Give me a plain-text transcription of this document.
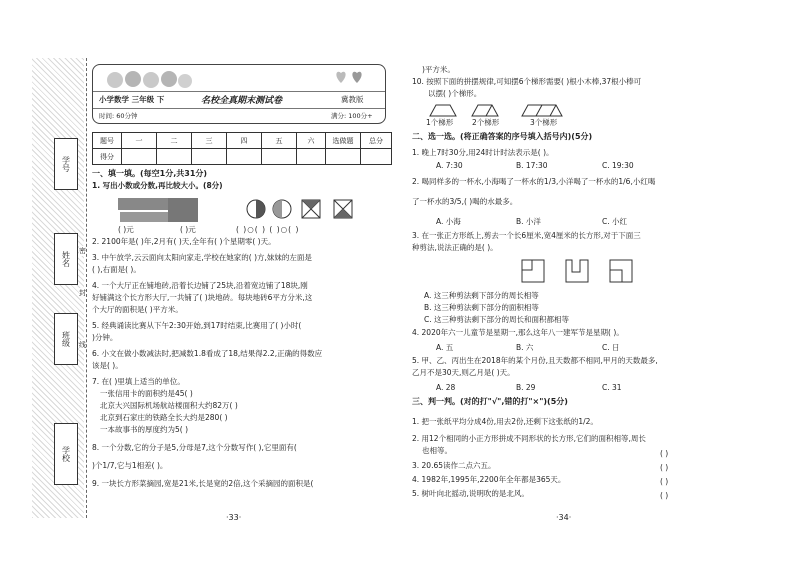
学号
姓名
班级
学校
密
封
线
小学数学 三年级 下	名校全真期末测试卷	冀教版
时间: 60分钟	满分: 100分+
题号	一	二	三	四	五	六	选做题	总分
得分								
一、填一填。(每空1分,共31分)
1. 写出小数或分数,再比较大小。(8分)
( )元	( )元	( )○( ) ( )○( )
2. 2100年是( )年,2月有( )天,全年有( )个星期零( )天。
3. 中午放学,云云面向太阳向家走,学校在她家的( )方,妹妹的左面是
( ),右面是( )。
4. 一个大厅正在铺地砖,沿着长边铺了25块,沿着宽边铺了18块,刚
好铺满这个长方形大厅,一共铺了( )块地砖。每块地砖6平方分米,这
个大厅的面积是( )平方米。
5. 经典诵读比赛从下午2:30开始,到17时结束,比赛用了( )小时(
)分钟。
6. 小文在做小数减法时,把减数1.8看成了18,结果得2.2,正确的得数应
该是( )。
7. 在( )里填上适当的单位。
一张信用卡的面积约是45( )
北京大兴国际机场航站楼面积大约82万( )
北京到石家庄的铁路全长大约是280( )
一本故事书的厚度约为5( )
8. 一个分数,它的分子是5,分母是7,这个分数写作( ),它里面有(
)个1/7,它与1相差( )。
9. 一块长方形菜摘园,宽是21米,长是宽的2倍,这个采摘园的面积是(
·33·
)平方米。
10. 按照下面的拼摆规律,可知摆6个梯形需要( )根小木棒,37根小棒可
以摆( )个梯形。
1个梯形 2个梯形	3个梯形
二、选一选。(将正确答案的序号填入括号内)(5分)
1. 晚上7时30分,用24时计时法表示是( )。
A. 7:30	B. 17:30	C. 19:30
2. 喝同样多的一杯水,小海喝了一杯水的1/3,小洋喝了一杯水的1/6,小红喝
了一杯水的3/5,( )喝的水最多。
A. 小海	B. 小洋	C. 小红
3. 在一张正方形纸上,剪去一个长6厘米,宽4厘米的长方形,对于下面三
种剪法,说法正确的是( )。
A. 这三种剪法剩下部分的周长相等
B. 这三种剪法剩下部分的面积相等
C. 这三种剪法剩下部分的周长和面积都相等
4. 2020年六一儿童节是星期一,那么这年八一建军节是星期( )。
A. 五	B. 六	C. 日
5. 甲、乙、丙出生在2018年的某个月份,且天数都不相同,甲月的天数最多,
乙月不是30天,则乙月是( )天。
A. 28	B. 29	C. 31
三、判一判。(对的打"√",错的打"×")(5分)
1. 把一张纸平均分成4份,用去2份,还剩下这张纸的1/2。
2. 用12个相同的小正方形拼成不同形状的长方形,它们的面积相等,周长
也相等。
3. 20.65读作二点六五。
4. 1982年,1995年,2200年全年都是365天。
5. 树叶向北摇动,说明吹的是北风。
( )
( )
( )
( )
·34·
